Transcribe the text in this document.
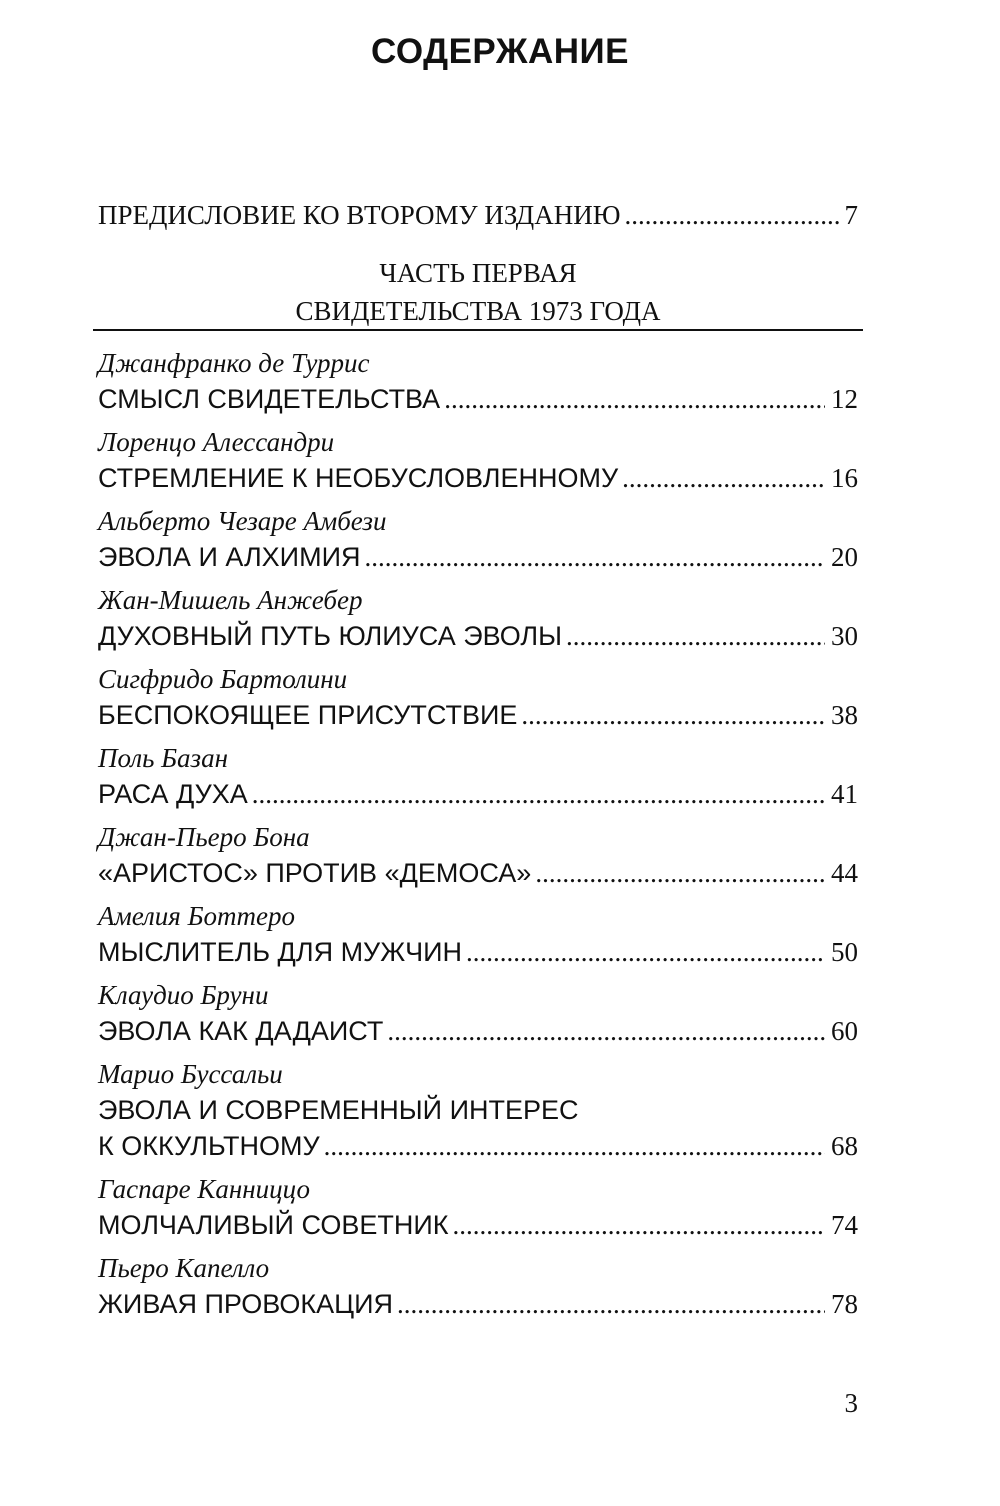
СОДЕРЖАНИЕ
ПРЕДИСЛОВИЕ КО ВТОРОМУ ИЗДАНИЮ .....	7
ЧАСТЬ ПЕРВАЯ
СВИДЕТЕЛЬСТВА 1973 ГОДА
Джанфранко де Туррис
СМЫСЛ СВИДЕТЕЛЬСТВА .....	12
Лоренцо Алессандри
СТРЕМЛЕНИЕ К НЕОБУСЛОВЛЕННОМУ .....	16
Альберто Чезаре Амбези
ЭВОЛА И АЛХИМИЯ .....	20
Жан-Мишель Анжебер
ДУХОВНЫЙ ПУТЬ ЮЛИУСА ЭВОЛЫ .....	30
Сигфридо Бартолини
БЕСПОКОЯЩЕЕ ПРИСУТСТВИЕ .....	38
Поль Базан
РАСА ДУХА .....	41
Джан-Пьеро Бона
«АРИСТОС» ПРОТИВ «ДЕМОСА» .....	44
Амелия Боттеро
МЫСЛИТЕЛЬ ДЛЯ МУЖЧИН .....	50
Клаудио Бруни
ЭВОЛА КАК ДАДАИСТ .....	60
Марио Буссальи
ЭВОЛА И СОВРЕМЕННЫЙ ИНТЕРЕС
К ОККУЛЬТНОМУ .....	68
Гаспаре Канниццо
МОЛЧАЛИВЫЙ СОВЕТНИК .....	74
Пьеро Капелло
ЖИВАЯ ПРОВОКАЦИЯ .....	78
3
